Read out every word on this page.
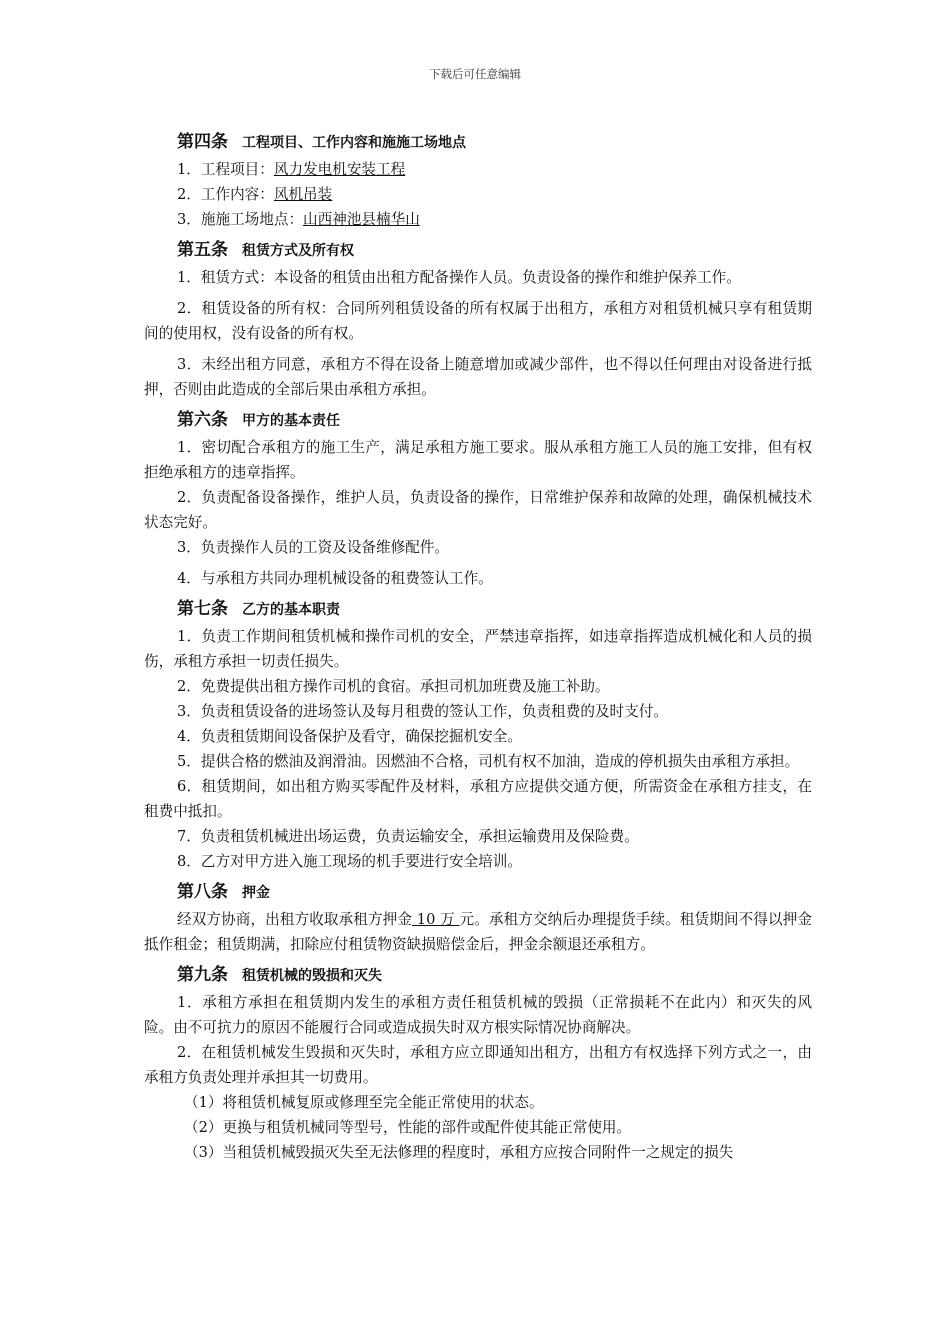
下载后可任意编辑
第四条 工程项目、工作内容和施施工场地点

1．工程项目：风力发电机安装工程

2．工作内容：风机吊装

3．施施工场地点：山西神池县楠华山

第五条 租赁方式及所有权

1．租赁方式：本设备的租赁由出租方配备操作人员。负责设备的操作和维护保养工作。

2．租赁设备的所有权：合同所列租赁设备的所有权属于出租方，承租方对租赁机械只享有租赁期间的使用权，没有设备的所有权。

3．未经出租方同意，承租方不得在设备上随意增加或减少部件，也不得以任何理由对设备进行抵押，否则由此造成的全部后果由承租方承担。

第六条 甲方的基本责任

1．密切配合承租方的施工生产，满足承租方施工要求。服从承租方施工人员的施工安排，但有权拒绝承租方的违章指挥。

2．负责配备设备操作，维护人员，负责设备的操作，日常维护保养和故障的处理，确保机械技术状态完好。

3．负责操作人员的工资及设备维修配件。

4．与承租方共同办理机械设备的租费签认工作。

第七条 乙方的基本职责

1．负责工作期间租赁机械和操作司机的安全，严禁违章指挥，如违章指挥造成机械化和人员的损伤，承租方承担一切责任损失。

2．免费提供出租方操作司机的食宿。承担司机加班费及施工补助。

3．负责租赁设备的进场签认及每月租费的签认工作，负责租费的及时支付。

4．负责租赁期间设备保护及看守，确保挖掘机安全。

5．提供合格的燃油及润滑油。因燃油不合格，司机有权不加油，造成的停机损失由承租方承担。

6．租赁期间，如出租方购买零配件及材料，承租方应提供交通方便，所需资金在承租方挂支，在租费中抵扣。

7．负责租赁机械进出场运费，负责运输安全，承担运输费用及保险费。

8．乙方对甲方进入施工现场的机手要进行安全培训。

第八条 押金

经双方协商，出租方收取承租方押金 10 万 元。承租方交纳后办理提货手续。租赁期间不得以押金抵作租金；租赁期满，扣除应付租赁物资缺损赔偿金后，押金余额退还承租方。

第九条 租赁机械的毁损和灭失

1．承租方承担在租赁期内发生的承租方责任租赁机械的毁损（正常损耗不在此内）和灭失的风险。由不可抗力的原因不能履行合同或造成损失时双方根实际情况协商解决。

2．在租赁机械发生毁损和灭失时，承租方应立即通知出租方，出租方有权选择下列方式之一，由承租方负责处理并承担其一切费用。

（1）将租赁机械复原或修理至完全能正常使用的状态。

（2）更换与租赁机械同等型号，性能的部件或配件使其能正常使用。

（3）当租赁机械毁损灭失至无法修理的程度时，承租方应按合同附件一之规定的损失
